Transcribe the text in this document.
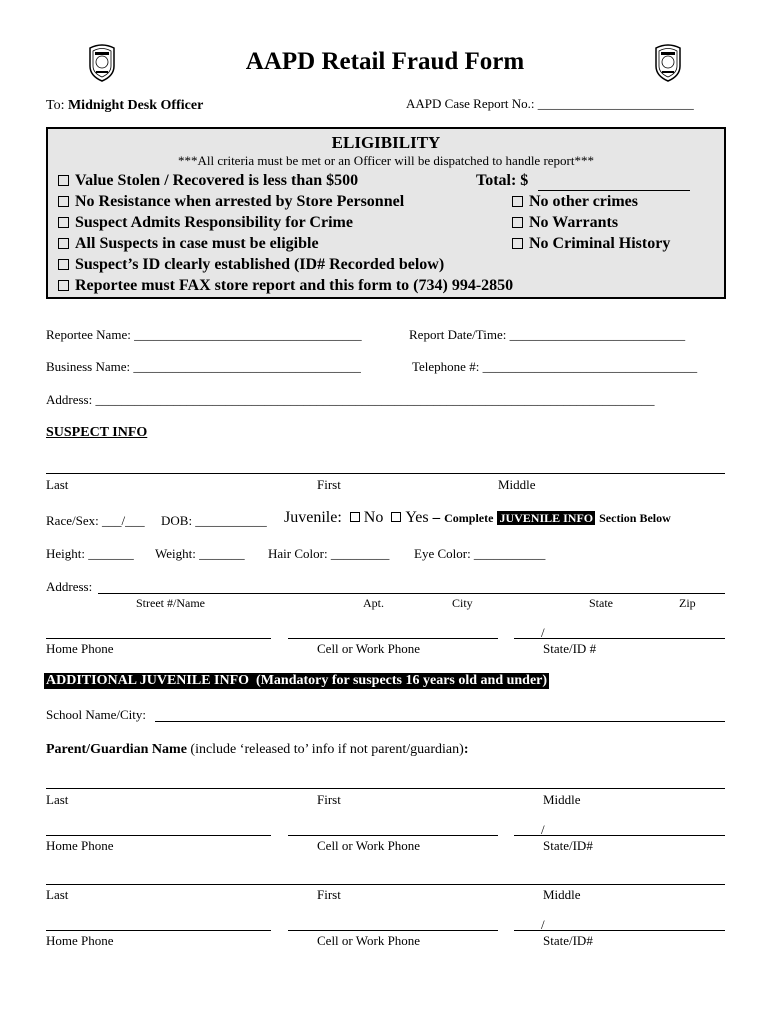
AAPD Retail Fraud Form
To: Midnight Desk Officer	AAPD Case Report No.: ________________________
ELIGIBILITY
***All criteria must be met or an Officer will be dispatched to handle report***
Value Stolen / Recovered is less than $500
No Resistance when arrested by Store Personnel
Suspect Admits Responsibility for Crime
All Suspects in case must be eligible
Suspect’s ID clearly established (ID# Recorded below)
Reportee must FAX store report and this form to (734) 994-2850
Total: $
No other crimes
No Warrants
No Criminal History
Reportee Name: ___________________________________	Report Date/Time: ___________________________
Business Name: ___________________________________	Telephone #: _________________________________
Address: ______________________________________________________________________________________
SUSPECT INFO
Last	First	Middle
Race/Sex: ___/___ DOB: ___________ Juvenile: No Yes – Complete JUVENILE INFO Section Below
Height: _______ Weight: _______ Hair Color: _________ Eye Color: ___________
Address:
Street #/Name	Apt.	City	State	Zip
/
Home Phone	Cell or Work Phone	State/ID #
ADDITIONAL JUVENILE INFO  (Mandatory for suspects 16 years old and under)
School Name/City:
Parent/Guardian Name (include ‘released to’ info if not parent/guardian):
Last	First	Middle
/
Home Phone	Cell or Work Phone	State/ID#
Last	First	Middle
/
Home Phone	Cell or Work Phone	State/ID#
